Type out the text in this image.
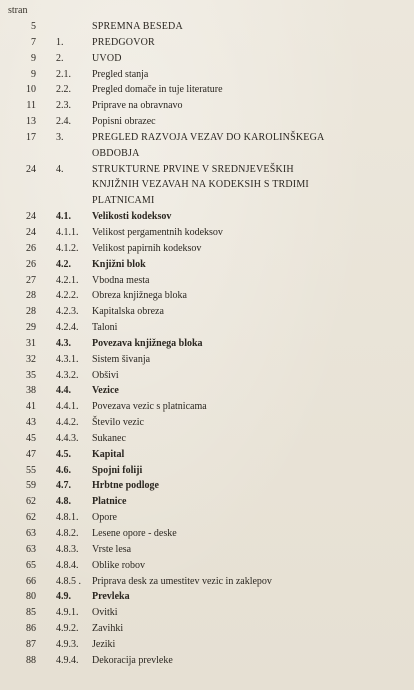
stran
5	SPREMNA BESEDA
7 1.	PREDGOVOR
9 2.	UVOD
9 2.1. Pregled stanja
10 2.2. Pregled domače in tuje literature
11 2.3. Priprave na obravnavo
13 2.4. Popisni obrazec
17 3.	PREGLED RAZVOJA VEZAV DO KAROLINŠKEGA
OBDOBJA
24 4.	STRUKTURNE PRVINE V SREDNJEVEŠKIH
KNJIŽNIH VEZAVAH NA KODEKSIH S TRDIMI
PLATNICAMI
24 4.1. Velikosti kodeksov
24 4.1.1. Velikost pergamentnih kodeksov
26 4.1.2. Velikost papirnih kodeksov
26 4.2. Knjižni blok
27 4.2.1. Vbodna mesta
28 4.2.2. Obreza knjižnega bloka
28 4.2.3. Kapitalska obreza
29 4.2.4. Taloni
31 4.3. Povezava knjižnega bloka
32 4.3.1. Sistem šivanja
35 4.3.2. Obšivi
38 4.4. Vezice
41 4.4.1. Povezava vezic s platnicama
43 4.4.2. Število vezic
45 4.4.3. Sukanec
47 4.5. Kapital
55 4.6. Spojni foliji
59 4.7. Hrbtne podloge
62 4.8. Platnice
62 4.8.1. Opore
63 4.8.2. Lesene opore - deske
63 4.8.3. Vrste lesa
65 4.8.4. Oblike robov
66 4.8.5 . Priprava desk za umestitev vezic in zaklepov
80 4.9. Prevleka
85 4.9.1. Ovitki
86 4.9.2. Zavihki
87 4.9.3. Jeziki
88 4.9.4. Dekoracija prevleke
